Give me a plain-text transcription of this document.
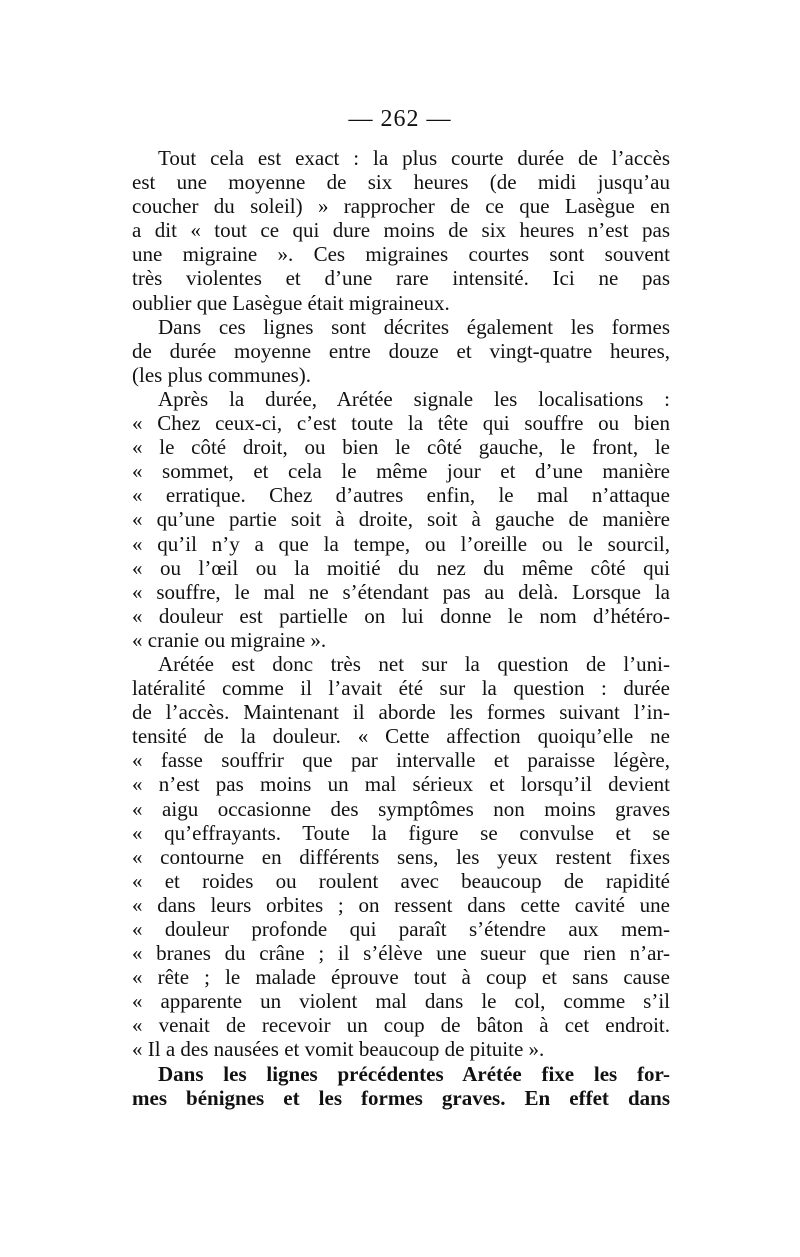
— 262 —
Tout cela est exact : la plus courte durée de l’accès
est une moyenne de six heures (de midi jusqu’au
coucher du soleil) » rapprocher de ce que Lasègue en
a dit « tout ce qui dure moins de six heures n’est pas
une migraine ». Ces migraines courtes sont souvent
très violentes et d’une rare intensité. Ici ne pas
oublier que Lasègue était migraineux.
Dans ces lignes sont décrites également les formes
de durée moyenne entre douze et vingt-quatre heures,
(les plus communes).
Après la durée, Arétée signale les localisations :
« Chez ceux-ci, c’est toute la tête qui souffre ou bien
« le côté droit, ou bien le côté gauche, le front, le
« sommet, et cela le même jour et d’une manière
« erratique. Chez d’autres enfin, le mal n’attaque
« qu’une partie soit à droite, soit à gauche de manière
« qu’il n’y a que la tempe, ou l’oreille ou le sourcil,
« ou l’œil ou la moitié du nez du même côté qui
« souffre, le mal ne s’étendant pas au delà. Lorsque la
« douleur est partielle on lui donne le nom d’hétéro-
« cranie ou migraine ».
Arétée est donc très net sur la question de l’uni-
latéralité comme il l’avait été sur la question : durée
de l’accès. Maintenant il aborde les formes suivant l’in-
tensité de la douleur. « Cette affection quoiqu’elle ne
« fasse souffrir que par intervalle et paraisse légère,
« n’est pas moins un mal sérieux et lorsqu’il devient
« aigu occasionne des symptômes non moins graves
« qu’effrayants. Toute la figure se convulse et se
« contourne en différents sens, les yeux restent fixes
« et roides ou roulent avec beaucoup de rapidité
« dans leurs orbites ; on ressent dans cette cavité une
« douleur profonde qui paraît s’étendre aux mem-
« branes du crâne ; il s’élève une sueur que rien n’ar-
« rête ; le malade éprouve tout à coup et sans cause
« apparente un violent mal dans le col, comme s’il
« venait de recevoir un coup de bâton à cet endroit.
« Il a des nausées et vomit beaucoup de pituite ».
Dans les lignes précédentes Arétée fixe les for-
mes bénignes et les formes graves. En effet dans
